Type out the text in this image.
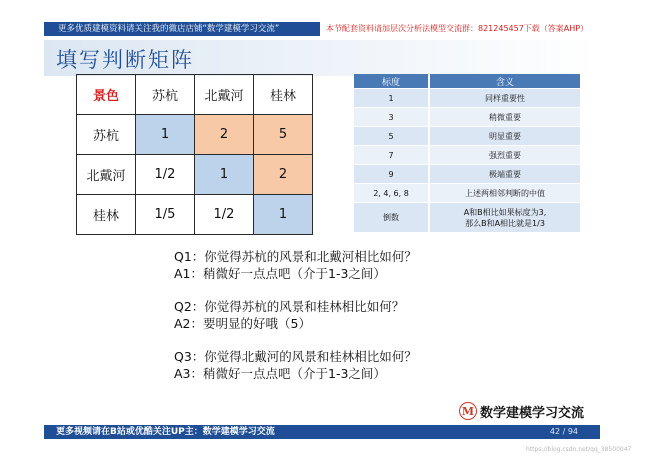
更多优质建模资料请关注我的微店店铺“数学建模学习交流”	本节配套资料请加层次分析法模型交流群：821245457下载（答案AHP）
填写判断矩阵
景色	苏杭	北戴河	桂林
苏杭	1	2	5
北戴河	1/2	1	2
桂林	1/5	1/2	1
标度	含义
1	同样重要性
3	稍微重要
5	明显重要
7	强烈重要
9	极端重要
2, 4, 6, 8	上述两相邻判断的中值
倒数	A和B相比如果标度为3,
那么B和A相比就是1/3
Q1：你觉得苏杭的风景和北戴河相比如何？
A1：稍微好一点点吧（介于1-3之间）
Q2：你觉得苏杭的风景和桂林相比如何？
A2：要明显的好哦（5）
Q3：你觉得北戴河的风景和桂林相比如何？
A3：稍微好一点点吧（介于1-3之间）
M 数学建模学习交流
更多视频请在B站或优酷关注UP主：数学建模学习交流	42 / 94
https://blog.csdn.net/qq_38500047
